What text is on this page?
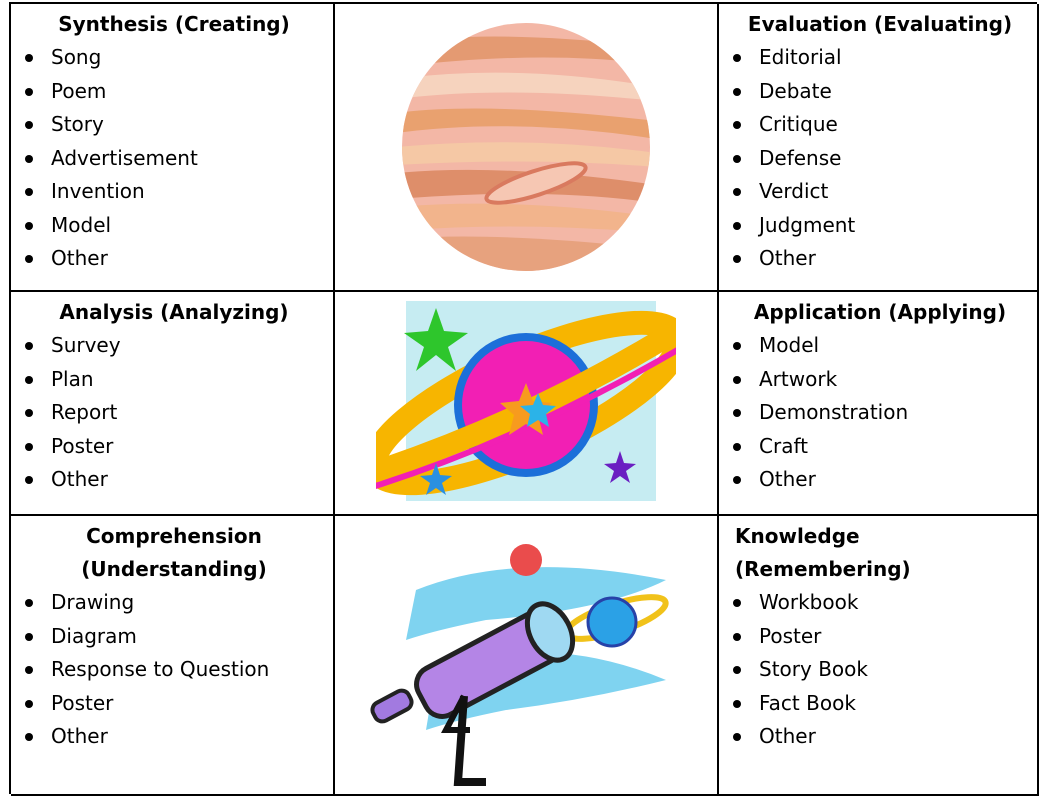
Synthesis (Creating)
Song
Poem
Story
Advertisement
Invention
Model
Other
Evaluation (Evaluating)
Editorial
Debate
Critique
Defense
Verdict
Judgment
Other
Analysis (Analyzing)
Survey
Plan
Report
Poster
Other
Application (Applying)
Model
Artwork
Demonstration
Craft
Other
Comprehension
(Understanding)
Drawing
Diagram
Response to Question
Poster
Other
Knowledge (Remembering)
Workbook
Poster
Story Book
Fact Book
Other
